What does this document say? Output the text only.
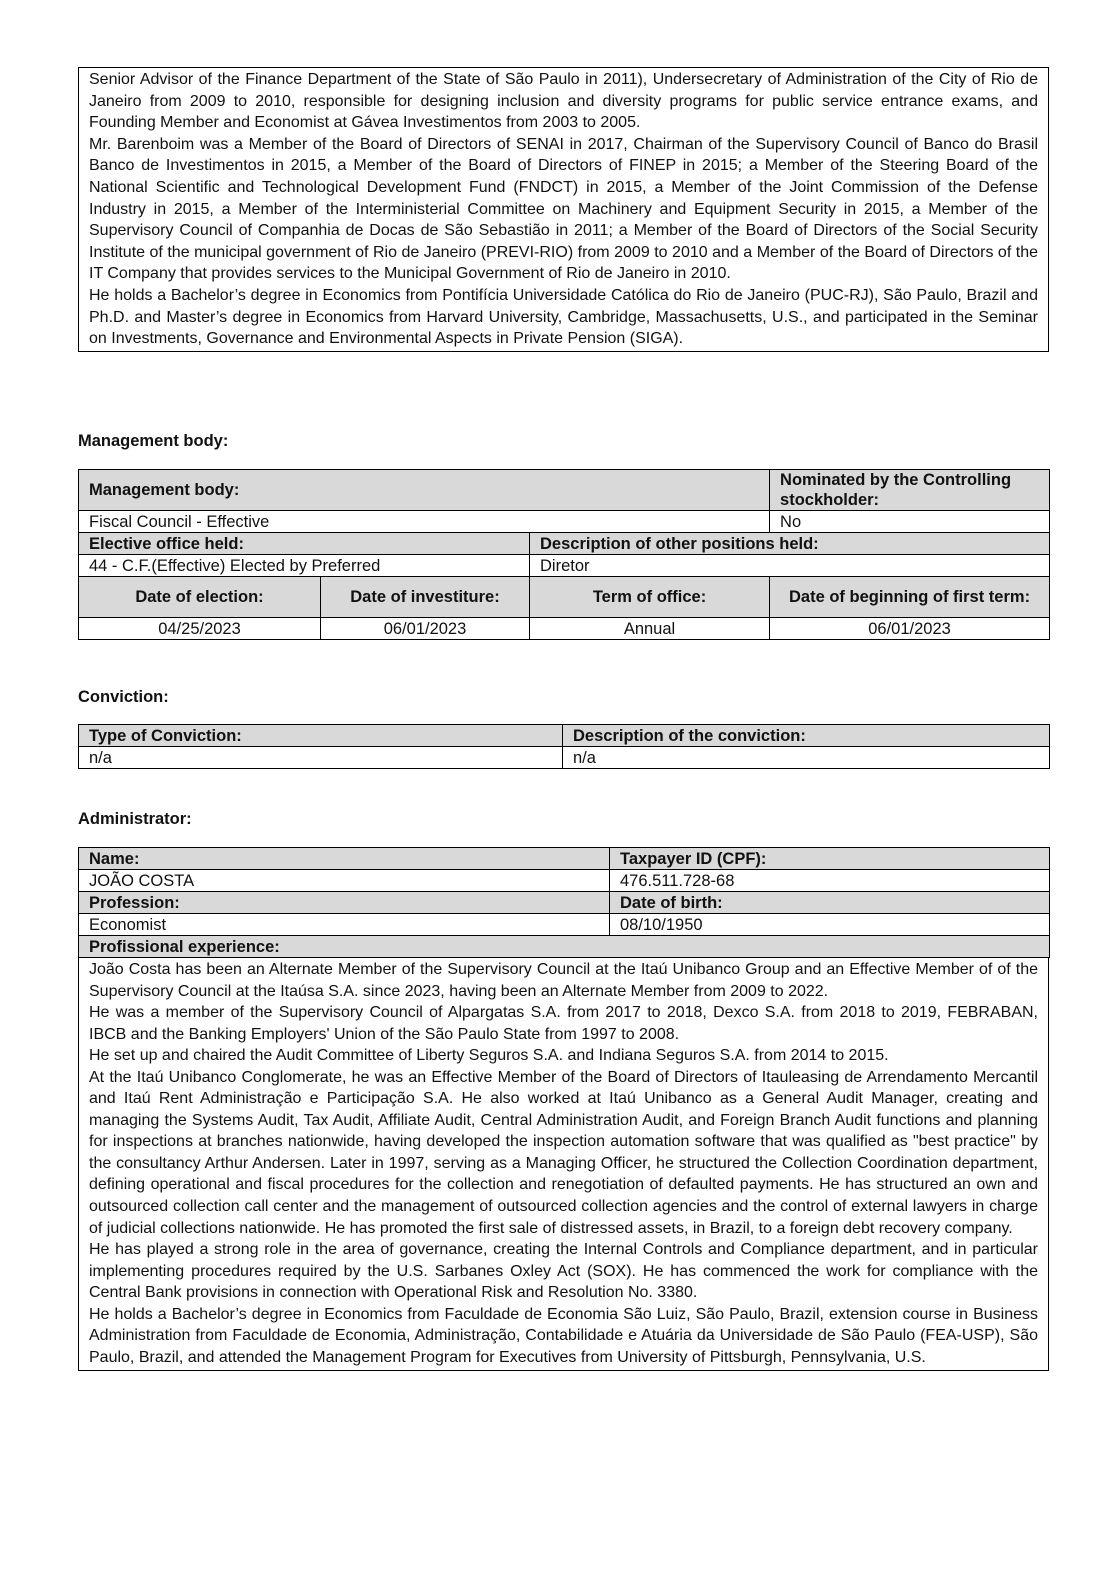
Senior Advisor of the Finance Department of the State of São Paulo in 2011), Undersecretary of Administration of the City of Rio de Janeiro from 2009 to 2010, responsible for designing inclusion and diversity programs for public service entrance exams, and Founding Member and Economist at Gávea Investimentos from 2003 to 2005.

Mr. Barenboim was a Member of the Board of Directors of SENAI in 2017, Chairman of the Supervisory Council of Banco do Brasil Banco de Investimentos in 2015, a Member of the Board of Directors of FINEP in 2015; a Member of the Steering Board of the National Scientific and Technological Development Fund (FNDCT) in 2015, a Member of the Joint Commission of the Defense Industry in 2015, a Member of the Interministerial Committee on Machinery and Equipment Security in 2015, a Member of the Supervisory Council of Companhia de Docas de São Sebastião in 2011; a Member of the Board of Directors of the Social Security Institute of the municipal government of Rio de Janeiro (PREVI-RIO) from 2009 to 2010 and a Member of the Board of Directors of the IT Company that provides services to the Municipal Government of Rio de Janeiro in 2010.

He holds a Bachelor’s degree in Economics from Pontifícia Universidade Católica do Rio de Janeiro (PUC-RJ), São Paulo, Brazil and Ph.D. and Master’s degree in Economics from Harvard University, Cambridge, Massachusetts, U.S., and participated in the Seminar on Investments, Governance and Environmental Aspects in Private Pension (SIGA).

Management body:
Management body:			Nominated by the Controlling stockholder:
Fiscal Council - Effective			No
Elective office held:		Description of other positions held:	
44 - C.F.(Effective) Elected by Preferred		Diretor	
Date of election:	Date of investiture:	Term of office:	Date of beginning of first term:
04/25/2023	06/01/2023	Annual	06/01/2023
Conviction:
Type of Conviction:	Description of the conviction:
n/a	n/a
Administrator:
Name:	Taxpayer ID (CPF):
JOÃO COSTA	476.511.728-68
Profession:	Date of birth:
Economist	08/10/1950
Profissional experience:	

João Costa has been an Alternate Member of the Supervisory Council at the Itaú Unibanco Group and an Effective Member of of the Supervisory Council at the Itaúsa S.A. since 2023, having been an Alternate Member from 2009 to 2022.

He was a member of the Supervisory Council of Alpargatas S.A. from 2017 to 2018, Dexco S.A. from 2018 to 2019, FEBRABAN, IBCB and the Banking Employers' Union of the São Paulo State from 1997 to 2008.

He set up and chaired the Audit Committee of Liberty Seguros S.A. and Indiana Seguros S.A. from 2014 to 2015.

At the Itaú Unibanco Conglomerate, he was an Effective Member of the Board of Directors of Itauleasing de Arrendamento Mercantil and Itaú Rent Administração e Participação S.A. He also worked at Itaú Unibanco as a General Audit Manager, creating and managing the Systems Audit, Tax Audit, Affiliate Audit, Central Administration Audit, and Foreign Branch Audit functions and planning for inspections at branches nationwide, having developed the inspection automation software that was qualified as "best practice" by the consultancy Arthur Andersen. Later in 1997, serving as a Managing Officer, he structured the Collection Coordination department, defining operational and fiscal procedures for the collection and renegotiation of defaulted payments. He has structured an own and outsourced collection call center and the management of outsourced collection agencies and the control of external lawyers in charge of judicial collections nationwide. He has promoted the first sale of distressed assets, in Brazil, to a foreign debt recovery company.

He has played a strong role in the area of governance, creating the Internal Controls and Compliance department, and in particular implementing procedures required by the U.S. Sarbanes Oxley Act (SOX). He has commenced the work for compliance with the Central Bank provisions in connection with Operational Risk and Resolution No. 3380.

He holds a Bachelor’s degree in Economics from Faculdade de Economia São Luiz, São Paulo, Brazil, extension course in Business Administration from Faculdade de Economia, Administração, Contabilidade e Atuária da Universidade de São Paulo (FEA-USP), São Paulo, Brazil, and attended the Management Program for Executives from University of Pittsburgh, Pennsylvania, U.S.
